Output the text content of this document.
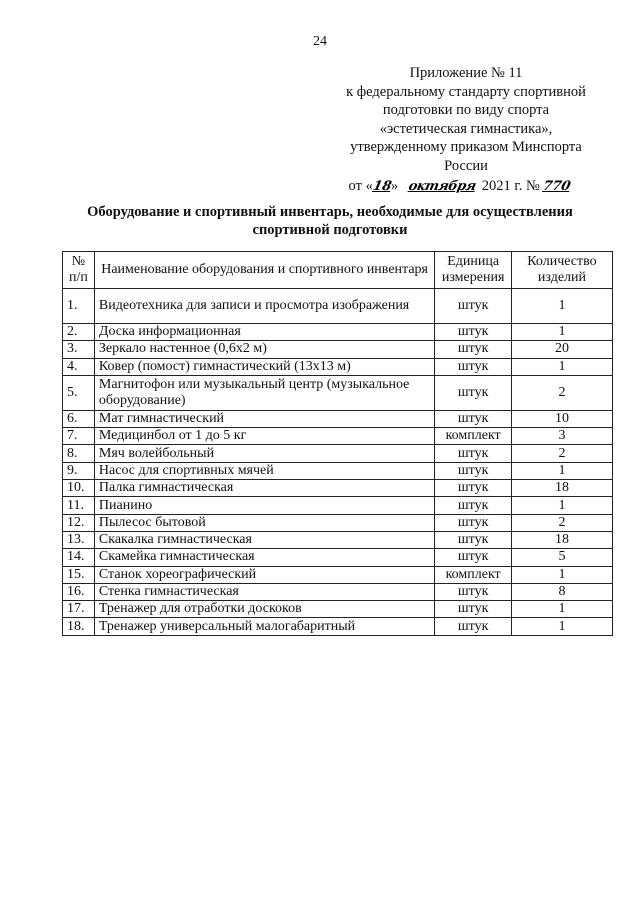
24
Приложение № 11
к федеральному стандарту спортивной
подготовки по виду спорта
«эстетическая гимнастика»,
утвержденному приказом Минспорта
России
от «18» октября 2021 г. № 770
Оборудование и спортивный инвентарь, необходимые для осуществления
спортивной подготовки
№ п/п	Наименование оборудования и спортивного инвентаря	Единица измерения	Количество изделий
1.	Видеотехника для записи и просмотра изображения	штук	1
2.	Доска информационная	штук	1
3.	Зеркало настенное (0,6х2 м)	штук	20
4.	Ковер (помост) гимнастический (13х13 м)	штук	1
5.	Магнитофон или музыкальный центр (музыкальное оборудование)	штук	2
6.	Мат гимнастический	штук	10
7.	Медицинбол от 1 до 5 кг	комплект	3
8.	Мяч волейбольный	штук	2
9.	Насос для спортивных мячей	штук	1
10.	Палка гимнастическая	штук	18
11.	Пианино	штук	1
12.	Пылесос бытовой	штук	2
13.	Скакалка гимнастическая	штук	18
14.	Скамейка гимнастическая	штук	5
15.	Станок хореографический	комплект	1
16.	Стенка гимнастическая	штук	8
17.	Тренажер для отработки доскоков	штук	1
18.	Тренажер универсальный малогабаритный	штук	1
